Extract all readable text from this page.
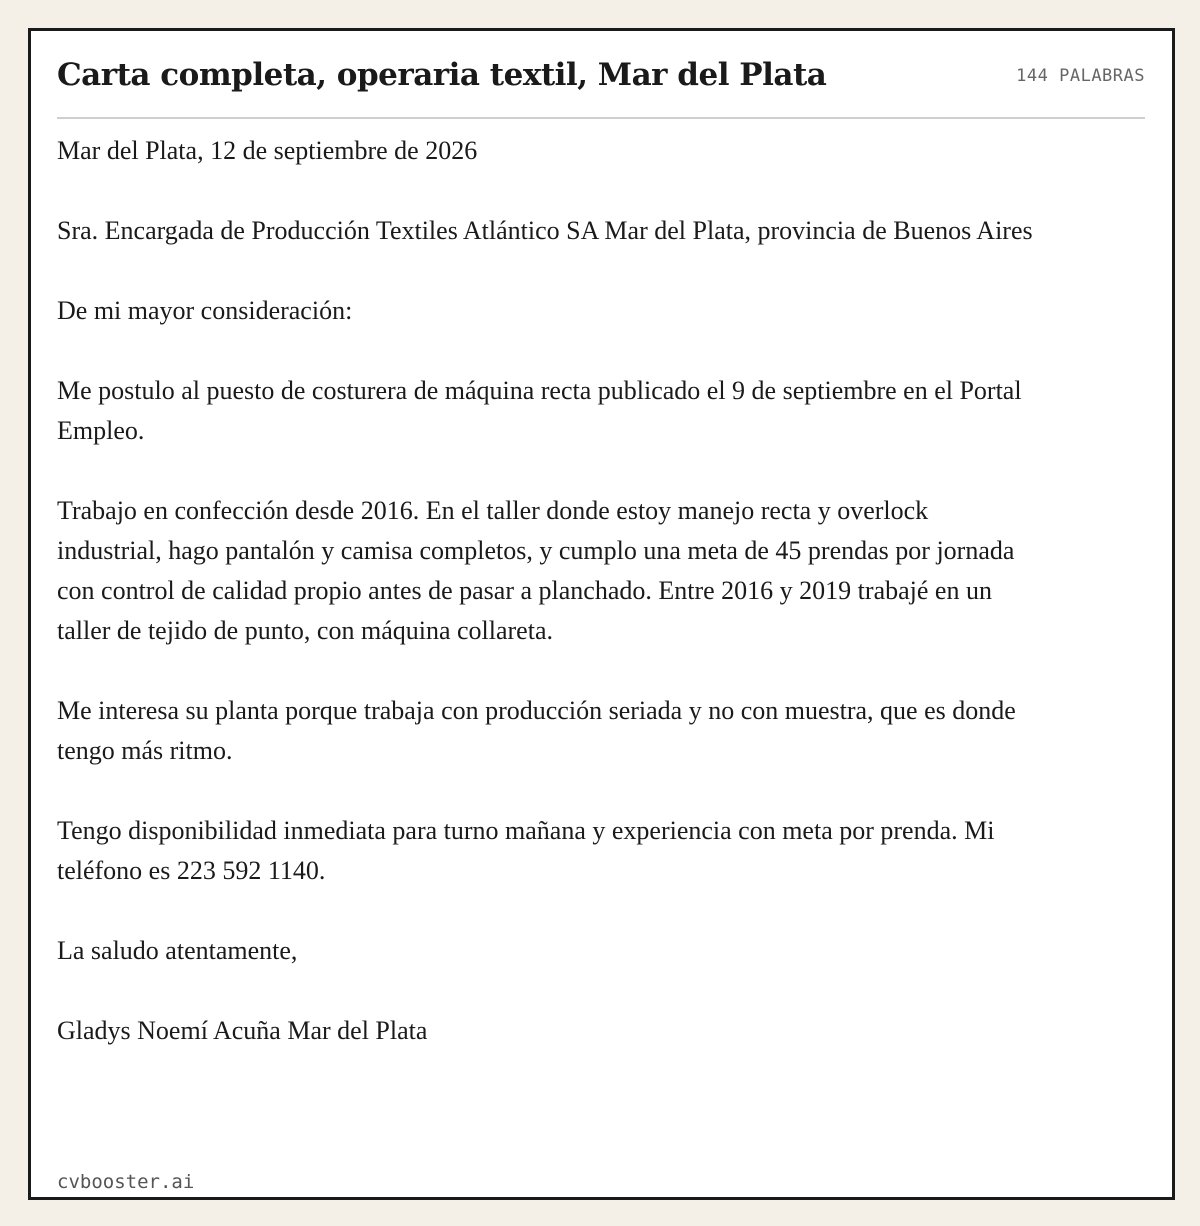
Carta completa, operaria textil, Mar del Plata	144 PALABRAS

Mar del Plata, 12 de septiembre de 2026

Sra. Encargada de Producción Textiles Atlántico SA Mar del Plata, provincia de Buenos Aires

De mi mayor consideración:

Me postulo al puesto de costurera de máquina recta publicado el 9 de septiembre en el Portal Empleo.

Trabajo en confección desde 2016. En el taller donde estoy manejo recta y overlock industrial, hago pantalón y camisa completos, y cumplo una meta de 45 prendas por jornada con control de calidad propio antes de pasar a planchado. Entre 2016 y 2019 trabajé en un taller de tejido de punto, con máquina collareta.

Me interesa su planta porque trabaja con producción seriada y no con muestra, que es donde tengo más ritmo.

Tengo disponibilidad inmediata para turno mañana y experiencia con meta por prenda. Mi teléfono es 223 592 1140.

La saludo atentamente,

Gladys Noemí Acuña Mar del Plata

cvbooster.ai
